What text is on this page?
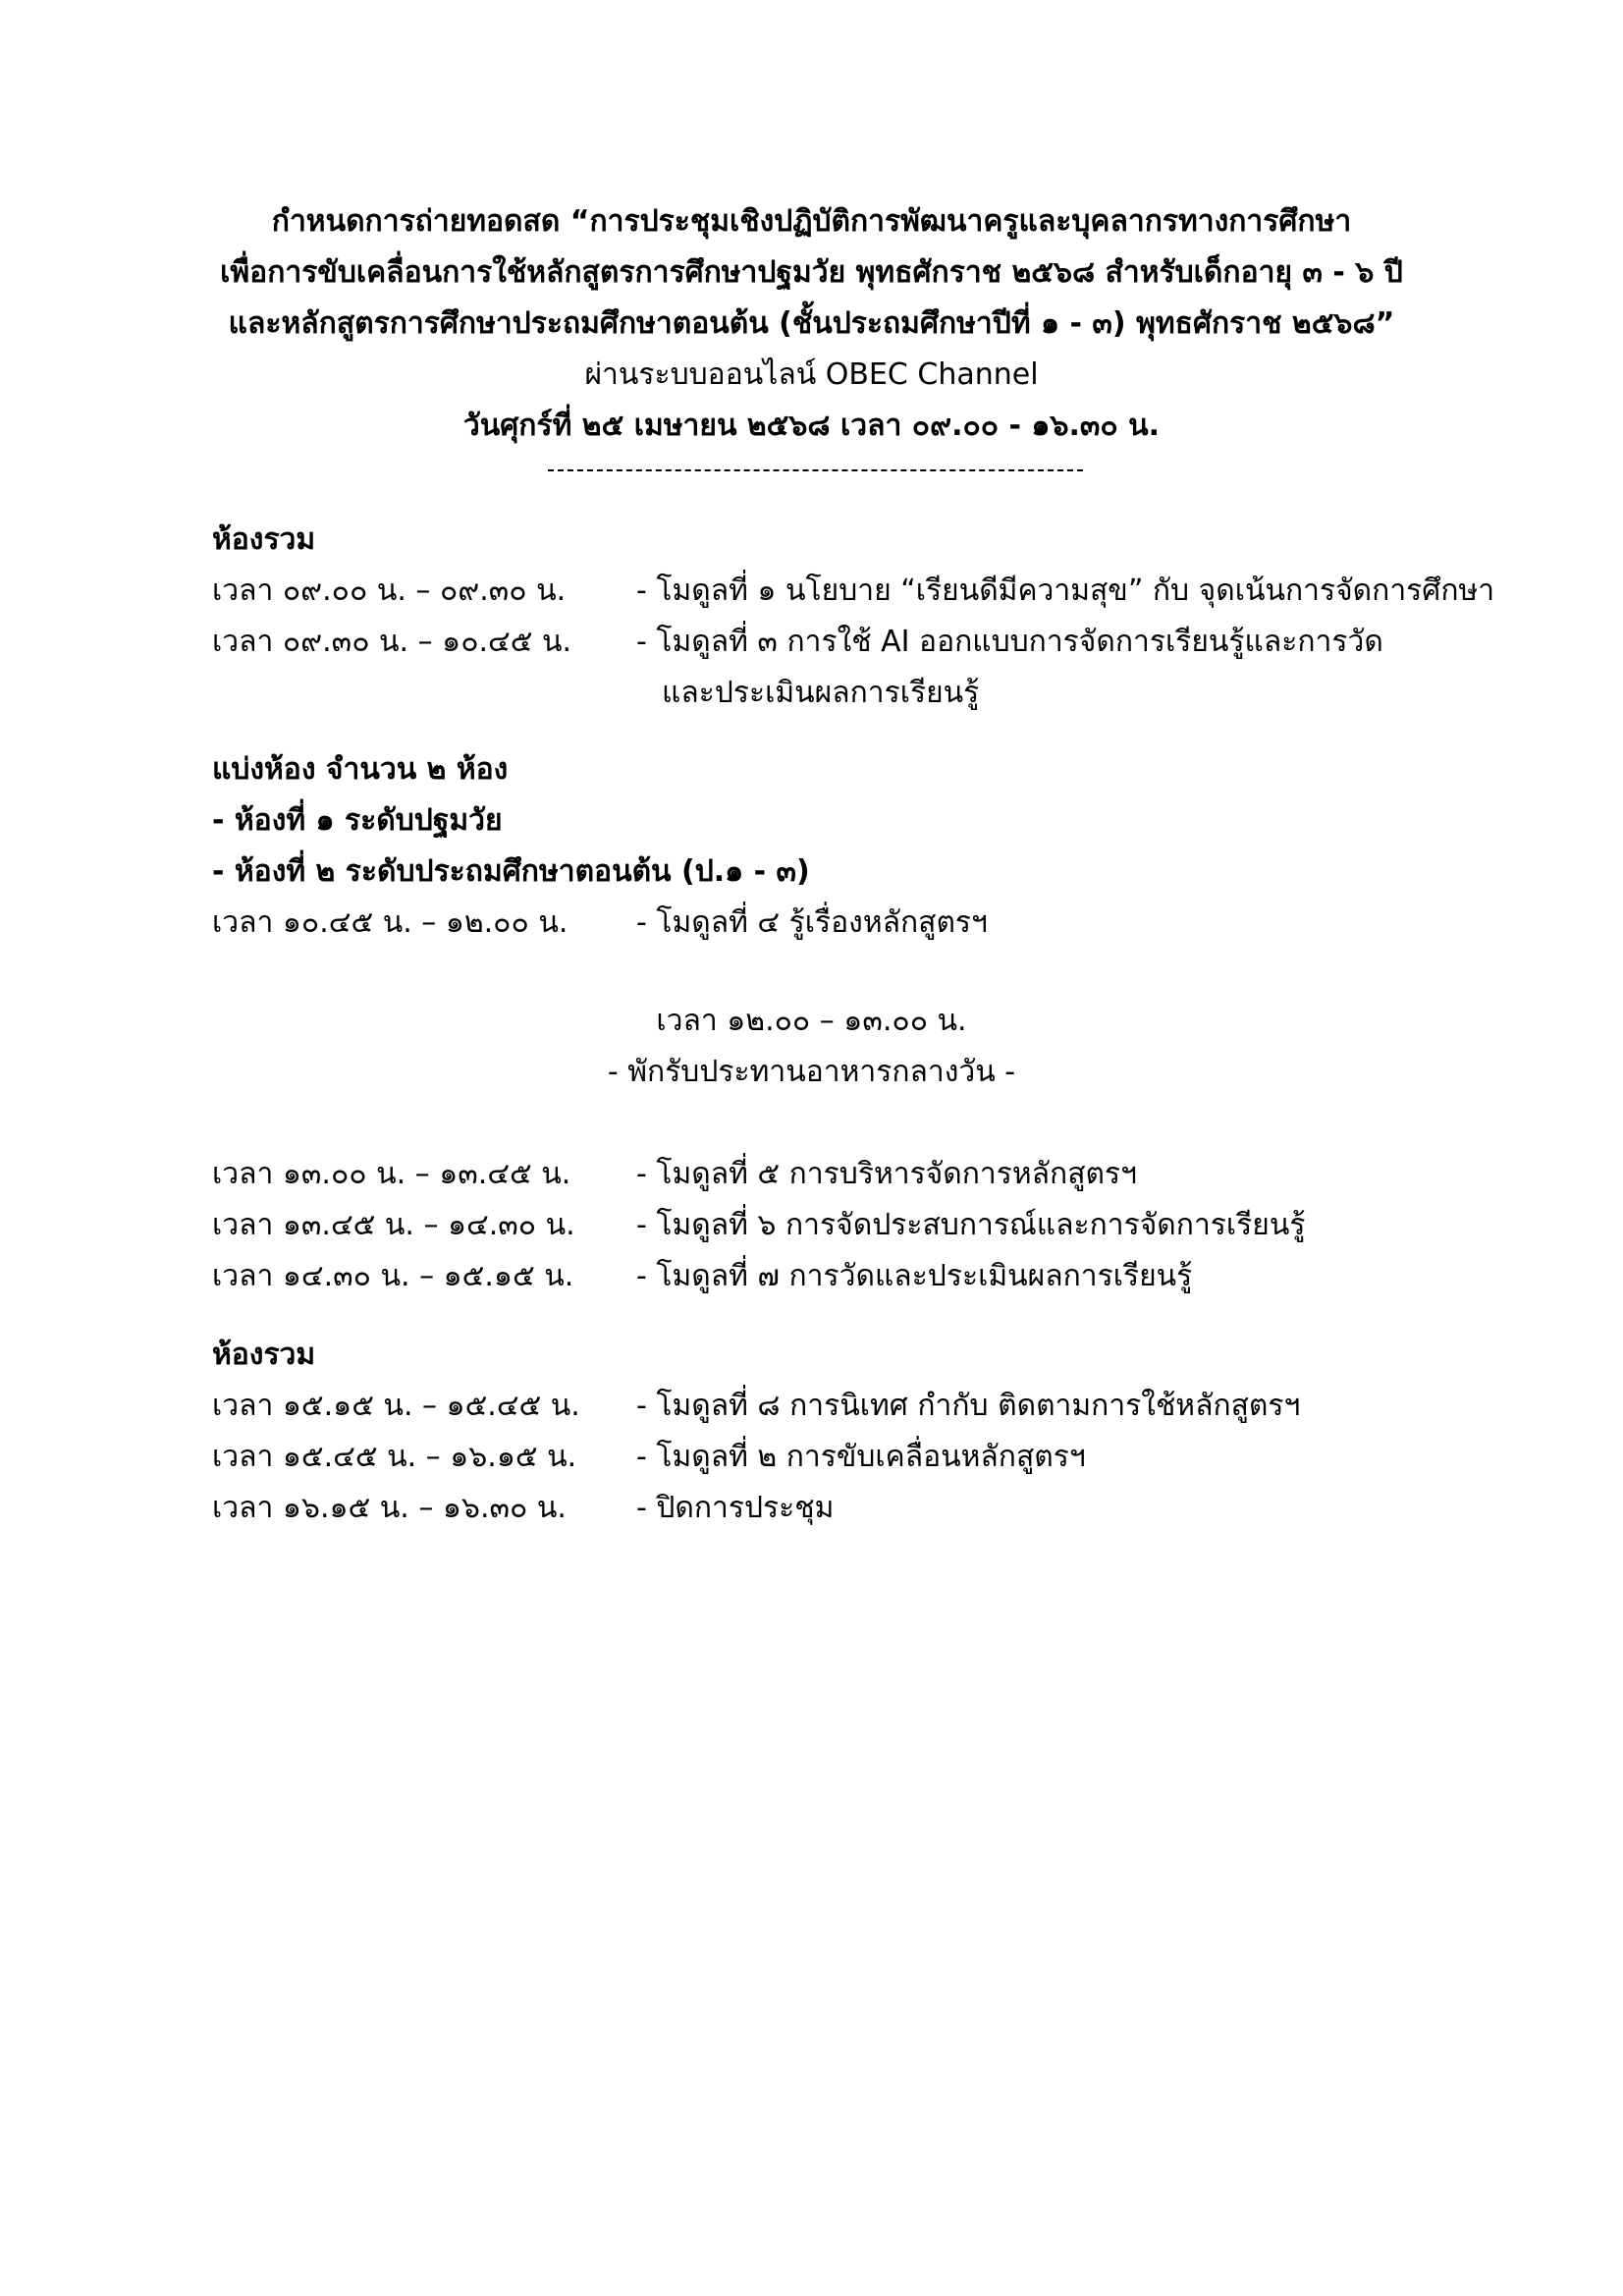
กำหนดการถ่ายทอดสด “การประชุมเชิงปฏิบัติการพัฒนาครูและบุคลากรทางการศึกษา
เพื่อการขับเคลื่อนการใช้หลักสูตรการศึกษาปฐมวัย พุทธศักราช ๒๕๖๘ สำหรับเด็กอายุ ๓ - ๖ ปี
และหลักสูตรการศึกษาประถมศึกษาตอนต้น (ชั้นประถมศึกษาปีที่ ๑ - ๓) พุทธศักราช ๒๕๖๘”
ผ่านระบบออนไลน์ OBEC Channel
วันศุกร์ที่ ๒๕ เมษายน ๒๕๖๘ เวลา ๐๙.๐๐ - ๑๖.๓๐ น.
ห้องรวม
เวลา ๐๙.๐๐ น. – ๐๙.๓๐ น. - โมดูลที่ ๑ นโยบาย “เรียนดีมีความสุข” กับ จุดเน้นการจัดการศึกษา
เวลา ๐๙.๓๐ น. – ๑๐.๔๕ น. - โมดูลที่ ๓ การใช้ AI ออกแบบการจัดการเรียนรู้และการวัด
และประเมินผลการเรียนรู้
แบ่งห้อง จำนวน ๒ ห้อง
- ห้องที่ ๑ ระดับปฐมวัย
- ห้องที่ ๒ ระดับประถมศึกษาตอนต้น (ป.๑ - ๓)
เวลา ๑๐.๔๕ น. – ๑๒.๐๐ น. - โมดูลที่ ๔ รู้เรื่องหลักสูตรฯ
เวลา ๑๒.๐๐ – ๑๓.๐๐ น.
- พักรับประทานอาหารกลางวัน -
เวลา ๑๓.๐๐ น. – ๑๓.๔๕ น. - โมดูลที่ ๕ การบริหารจัดการหลักสูตรฯ
เวลา ๑๓.๔๕ น. – ๑๔.๓๐ น. - โมดูลที่ ๖ การจัดประสบการณ์และการจัดการเรียนรู้
เวลา ๑๔.๓๐ น. – ๑๕.๑๕ น. - โมดูลที่ ๗ การวัดและประเมินผลการเรียนรู้
ห้องรวม
เวลา ๑๕.๑๕ น. – ๑๕.๔๕ น. - โมดูลที่ ๘ การนิเทศ กำกับ ติดตามการใช้หลักสูตรฯ
เวลา ๑๕.๔๕ น. – ๑๖.๑๕ น. - โมดูลที่ ๒ การขับเคลื่อนหลักสูตรฯ
เวลา ๑๖.๑๕ น. – ๑๖.๓๐ น. - ปิดการประชุม
